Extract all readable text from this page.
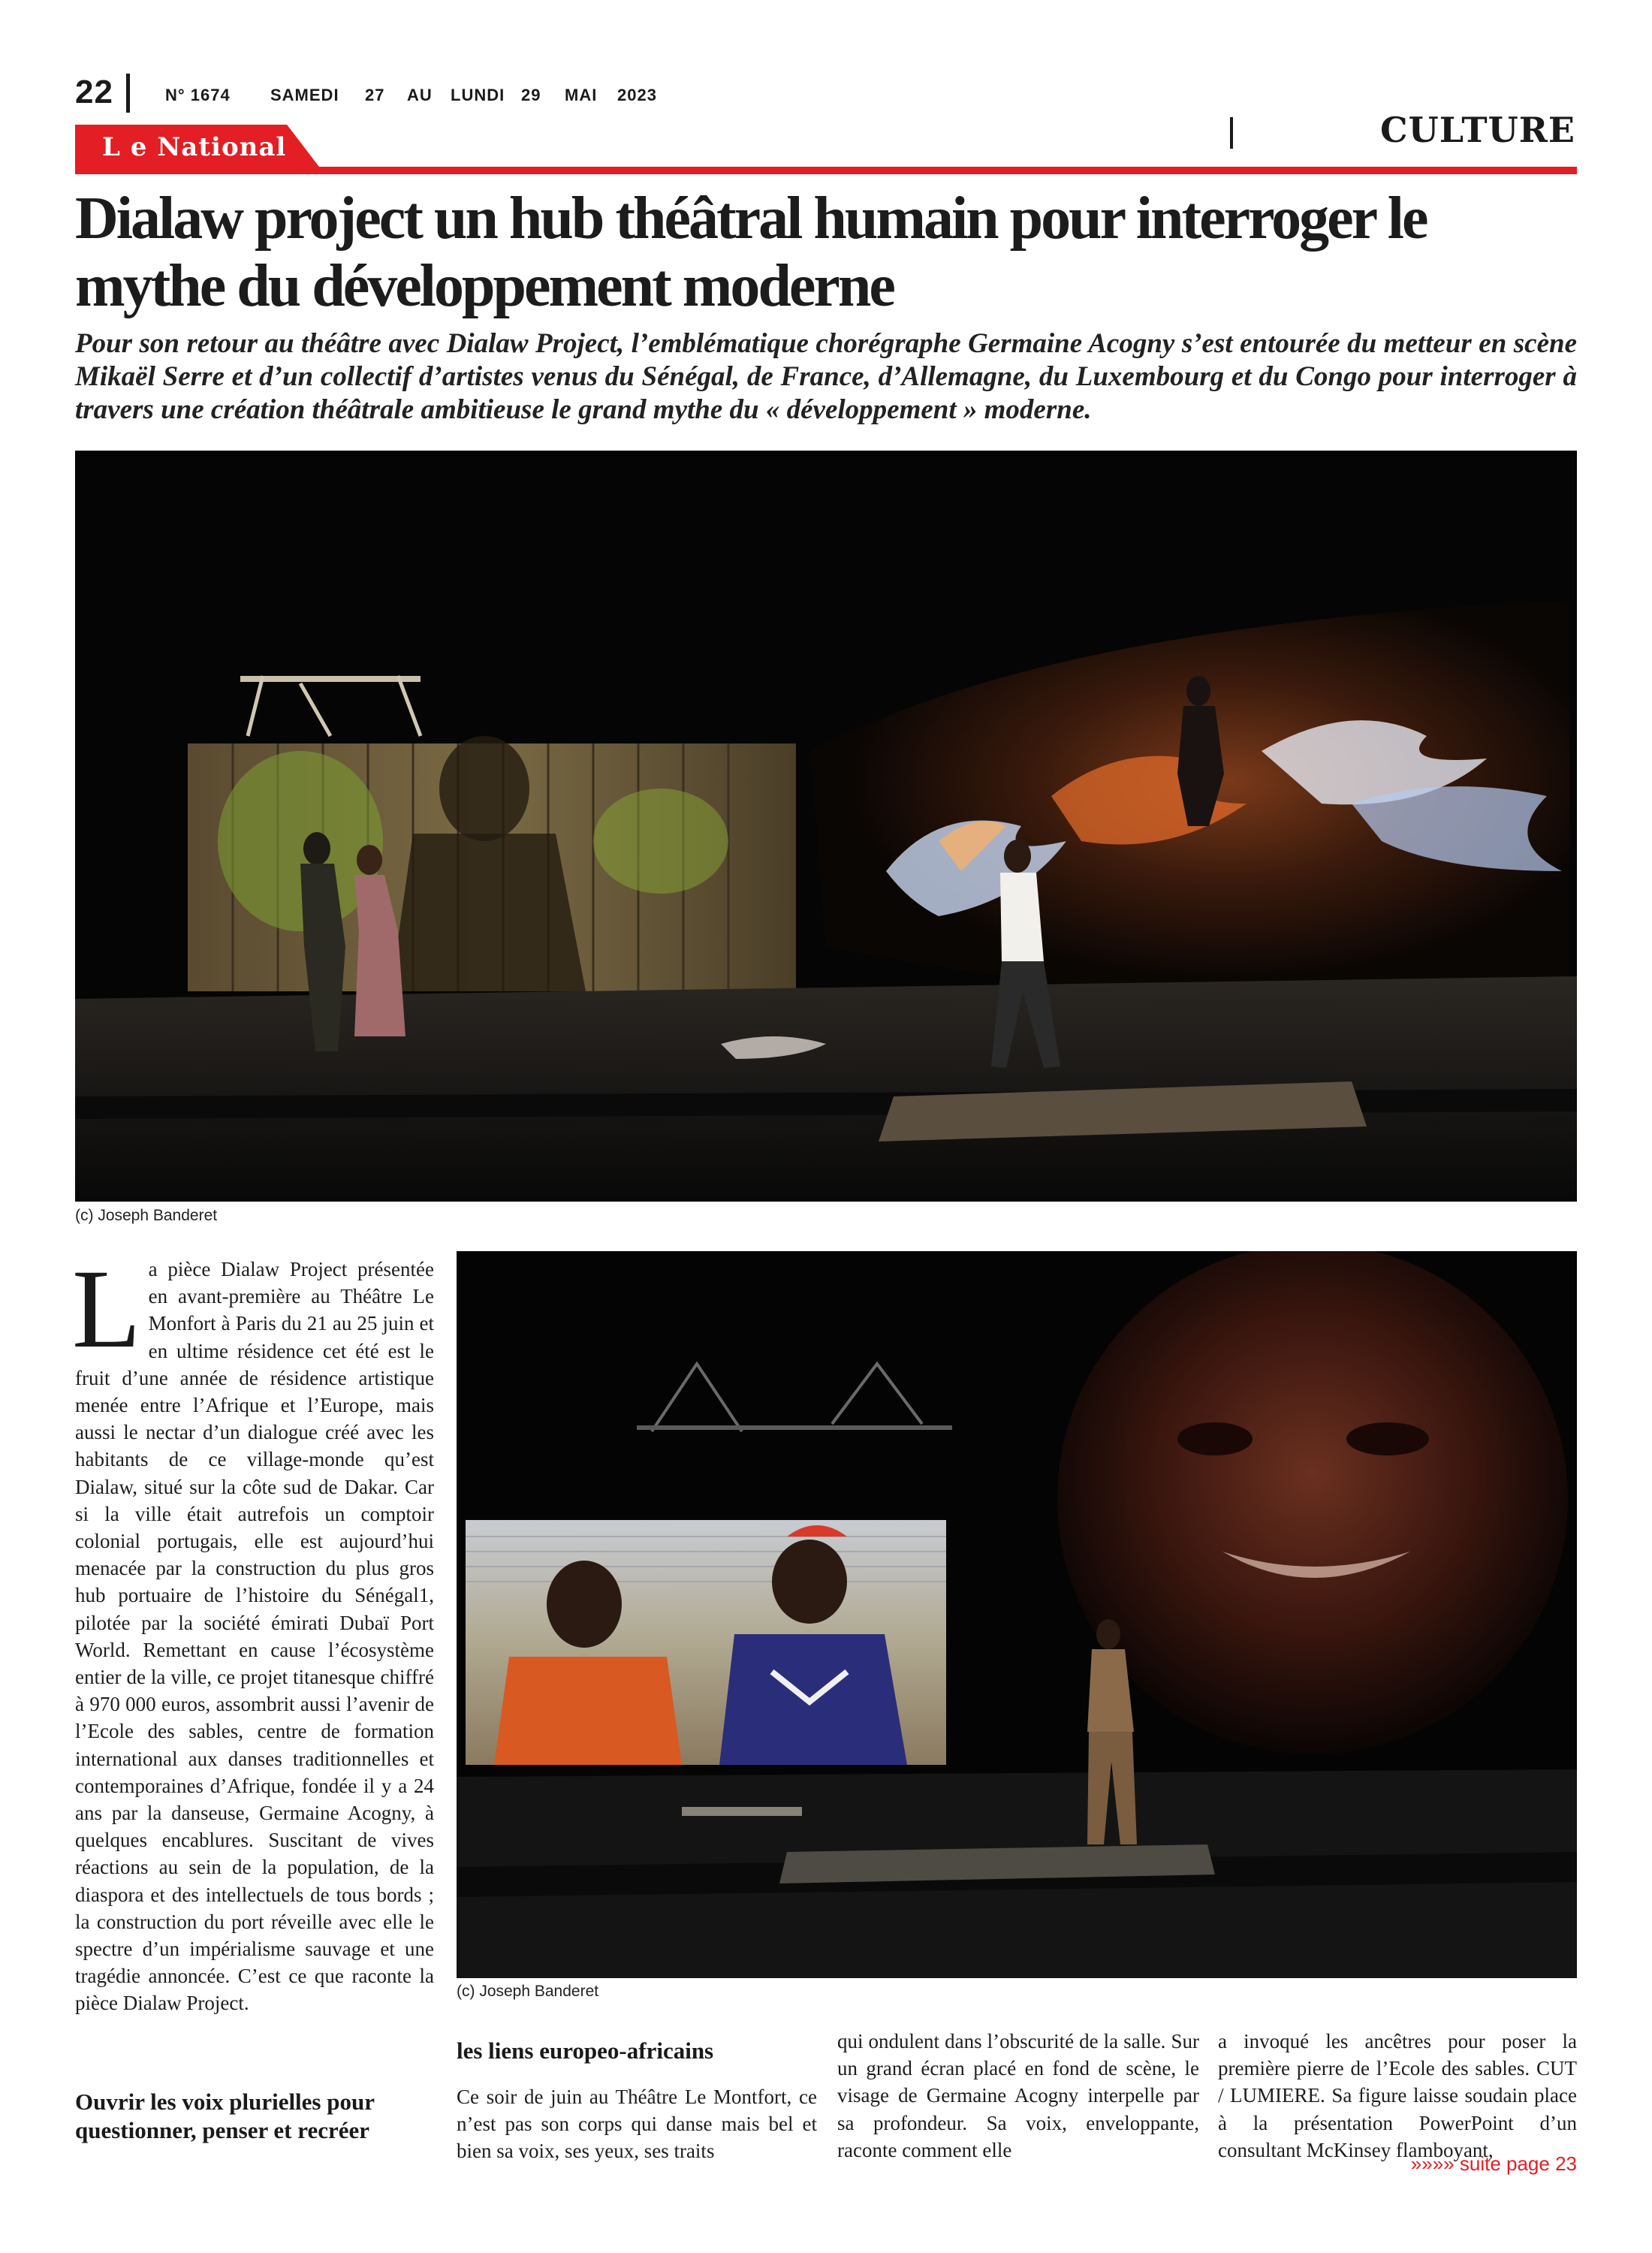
22	N° 1674 SAMEDI 27 AU LUNDI 29 MAI 2023
CULTURE
L e National
Dialaw project un hub théâtral humain pour interroger le mythe du développement moderne

Pour son retour au théâtre avec Dialaw Project, l’emblématique chorégraphe Germaine Acogny s’est entourée du metteur en scène Mikaël Serre et d’un collectif d’artistes venus du Sénégal, de France, d’Allemagne, du Luxembourg et du Congo pour interroger à travers une création théâtrale ambitieuse le grand mythe du « développement » moderne.

(c) Joseph Banderet
(c) Joseph Banderet
La pièce Dialaw Project présentée en avant-première au Théâtre Le Monfort à Paris du 21 au 25 juin et en ultime résidence cet été est le fruit d’une année de résidence artistique menée entre l’Afrique et l’Europe, mais aussi le nectar d’un dialogue créé avec les habitants de ce village-monde qu’est Dialaw, situé sur la côte sud de Dakar. Car si la ville était autrefois un comptoir colonial portugais, elle est aujourd’hui menacée par la construction du plus gros hub portuaire de l’histoire du Sénégal1, pilotée par la société émirati Dubaï Port World. Remettant en cause l’écosystème entier de la ville, ce projet titanesque chiffré à 970 000 euros, assombrit aussi l’avenir de l’Ecole des sables, centre de formation international aux danses traditionnelles et contemporaines d’Afrique, fondée il y a 24 ans par la danseuse, Germaine Acogny, à quelques encablures. Suscitant de vives réactions au sein de la population, de la diaspora et des intellectuels de tous bords ; la construction du port réveille avec elle le spectre d’un impérialisme sauvage et une tragédie annoncée. C’est ce que raconte la pièce Dialaw Project.
Ouvrir les voix plurielles pour questionner, penser et recréer
les liens europeo-africains
Ce soir de juin au Théâtre Le Montfort, ce n’est pas son corps qui danse mais bel et bien sa voix, ses yeux, ses traits
qui ondulent dans l’obscurité de la salle. Sur un grand écran placé en fond de scène, le visage de Germaine Acogny interpelle par sa profondeur. Sa voix, enveloppante, raconte comment elle
a invoqué les ancêtres pour poser la première pierre de l’Ecole des sables. CUT / LUMIERE. Sa figure laisse soudain place à la présentation PowerPoint d’un consultant McKinsey flamboyant,
»»»» suite page 23
